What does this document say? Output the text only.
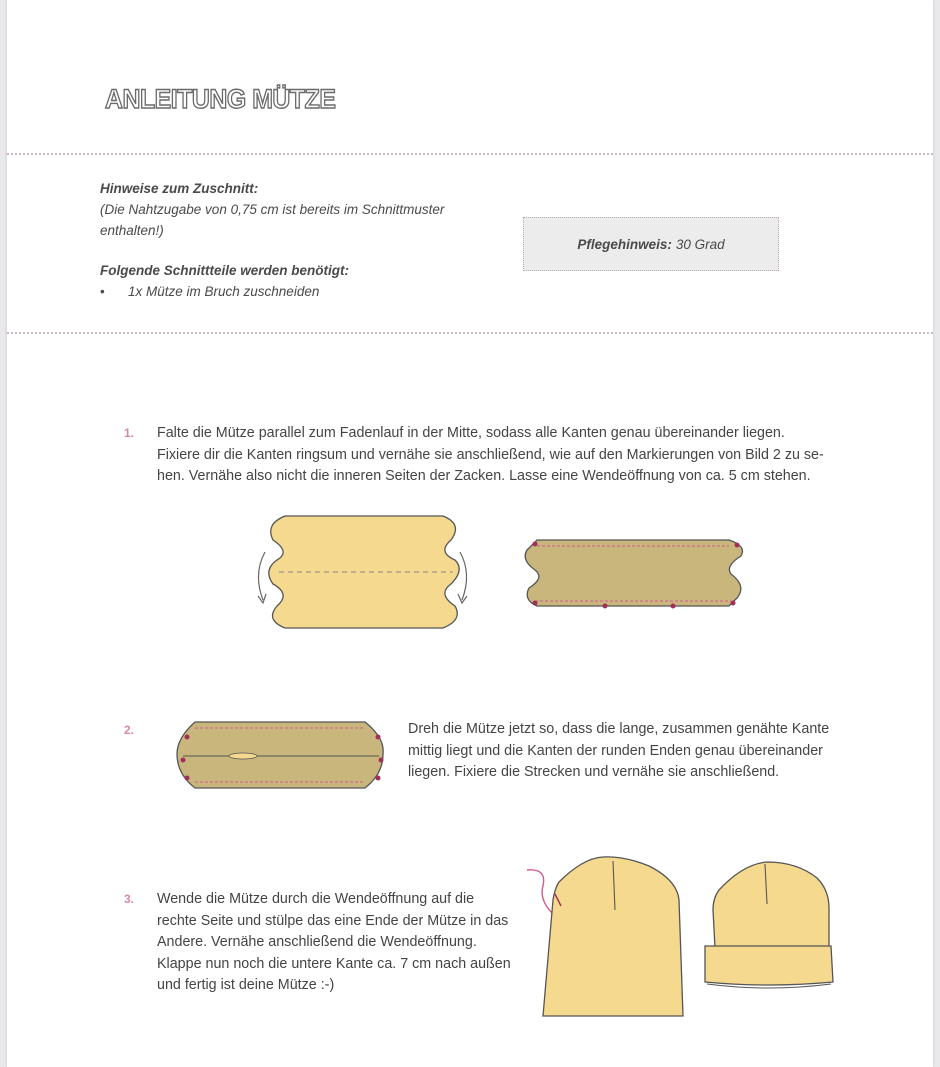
ANLEITUNG MÜTZE
Hinweise zum Zuschnitt:
(Die Nahtzugabe von 0,75 cm ist bereits im Schnittmuster enthalten!)
Folgende Schnittteile werden benötigt:
•	1x Mütze im Bruch zuschneiden
Pflegehinweis: 30 Grad
1. Falte die Mütze parallel zum Fadenlauf in der Mitte, sodass alle Kanten genau übereinander liegen.
Fixiere dir die Kanten ringsum und vernähe sie anschließend, wie auf den Markierungen von Bild 2 zu se-
hen. Vernähe also nicht die inneren Seiten der Zacken. Lasse eine Wendeöffnung von ca. 5 cm stehen.
2.	Dreh die Mütze jetzt so, dass die lange, zusammen genähte Kante
mittig liegt und die Kanten der runden Enden genau übereinander
liegen. Fixiere die Strecken und vernähe sie anschließend.
3. Wende die Mütze durch die Wendeöffnung auf die
rechte Seite und stülpe das eine Ende der Mütze in das
Andere. Vernähe anschließend die Wendeöffnung.
Klappe nun noch die untere Kante ca. 7 cm nach außen
und fertig ist deine Mütze :-)
